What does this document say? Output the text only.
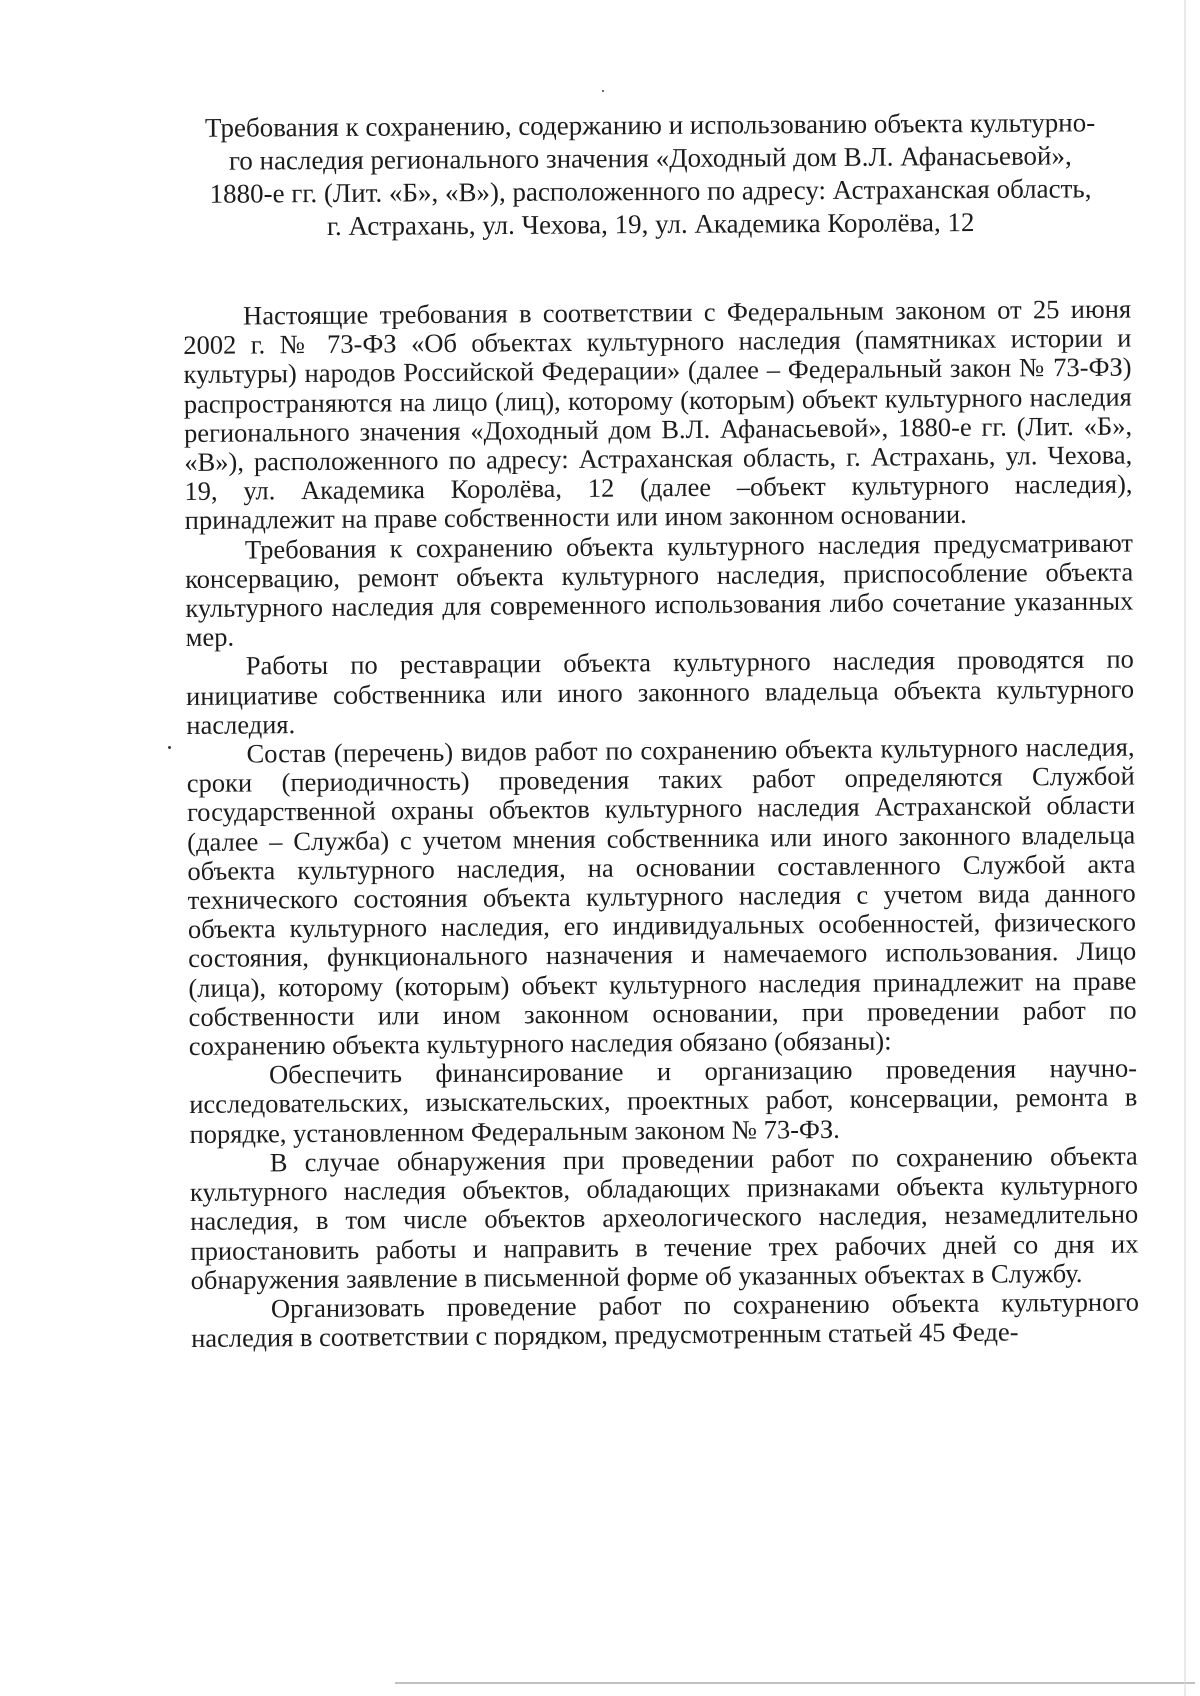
Требования к сохранению, содержанию и использованию объекта культурно-
го наследия регионального значения «Доходный дом В.Л. Афанасьевой»,
1880-е гг. (Лит. «Б», «В»), расположенного по адресу: Астраханская область,
г. Астрахань, ул. Чехова, 19, ул. Академика Королёва, 12

Настоящие требования в соответствии с Федеральным законом от 25 июня 2002 г. № 73-ФЗ «Об объектах культурного наследия (памятниках истории и культуры) народов Российской Федерации» (далее – Федеральный закон № 73-ФЗ) распространяются на лицо (лиц), которому (которым) объект культурного наследия регионального значения «Доходный дом В.Л. Афанасьевой», 1880-е гг. (Лит. «Б», «В»), расположенного по адресу: Астраханская область, г. Астрахань, ул. Чехова, 19, ул. Академика Королёва, 12 (далее –объект культурного наследия), принадлежит на праве собственности или ином законном основании.

Требования к сохранению объекта культурного наследия предусматривают консервацию, ремонт объекта культурного наследия, приспособление объекта культурного наследия для современного использования либо сочетание указанных мер.

Работы по реставрации объекта культурного наследия проводятся по инициативе собственника или иного законного владельца объекта культурного наследия.

Состав (перечень) видов работ по сохранению объекта культурного наследия, сроки (периодичность) проведения таких работ определяются Службой государственной охраны объектов культурного наследия Астраханской области (далее – Служба) с учетом мнения собственника или иного законного владельца объекта культурного наследия, на основании составленного Службой акта технического состояния объекта культурного наследия с учетом вида данного объекта культурного наследия, его индивидуальных особенностей, физического состояния, функционального назначения и намечаемого использования. Лицо (лица), которому (которым) объект культурного наследия принадлежит на праве собственности или ином законном основании, при проведении работ по сохранению объекта культурного наследия обязано (обязаны):

Обеспечить финансирование и организацию проведения научно-исследовательских, изыскательских, проектных работ, консервации, ремонта в порядке, установленном Федеральным законом № 73-ФЗ.

В случае обнаружения при проведении работ по сохранению объекта культурного наследия объектов, обладающих признаками объекта культурного наследия, в том числе объектов археологического наследия, незамедлительно приостановить работы и направить в течение трех рабочих дней со дня их обнаружения заявление в письменной форме об указанных объектах в Службу.

Организовать проведение работ по сохранению объекта культурного наследия в соответствии с порядком, предусмотренным статьей 45 Феде-
